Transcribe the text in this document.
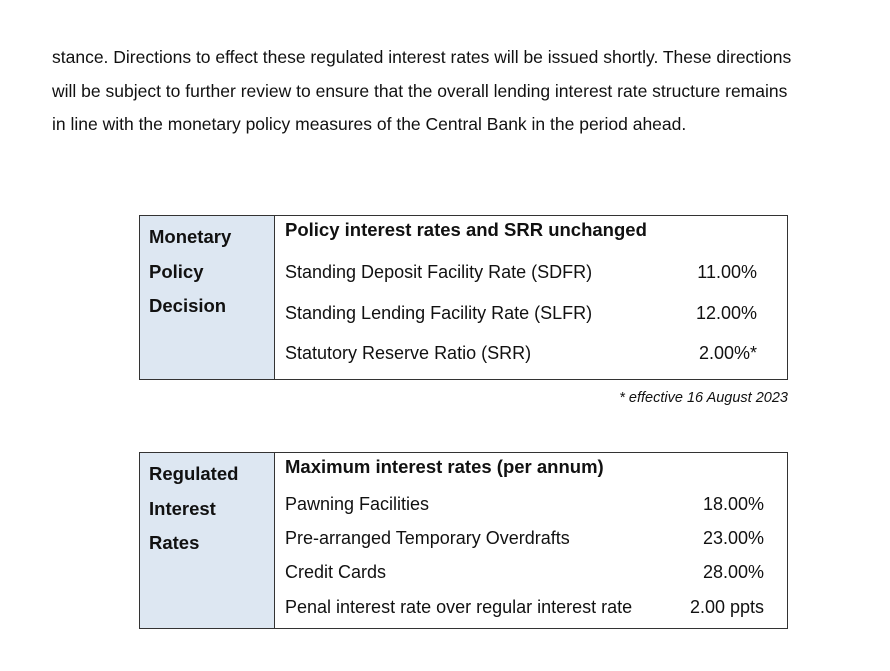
stance. Directions to effect these regulated interest rates will be issued shortly. These directions
will be subject to further review to ensure that the overall lending interest rate structure remains
in line with the monetary policy measures of the Central Bank in the period ahead.

Monetary
Policy
Decision
Policy interest rates and SRR unchanged
Standing Deposit Facility Rate (SDFR)	11.00%
Standing Lending Facility Rate (SLFR)	12.00%
Statutory Reserve Ratio (SRR)	2.00%*
* effective 16 August 2023
Regulated
Interest
Rates
Maximum interest rates (per annum)
Pawning Facilities	18.00%
Pre-arranged Temporary Overdrafts	23.00%
Credit Cards	28.00%
Penal interest rate over regular interest rate	2.00 ppts
